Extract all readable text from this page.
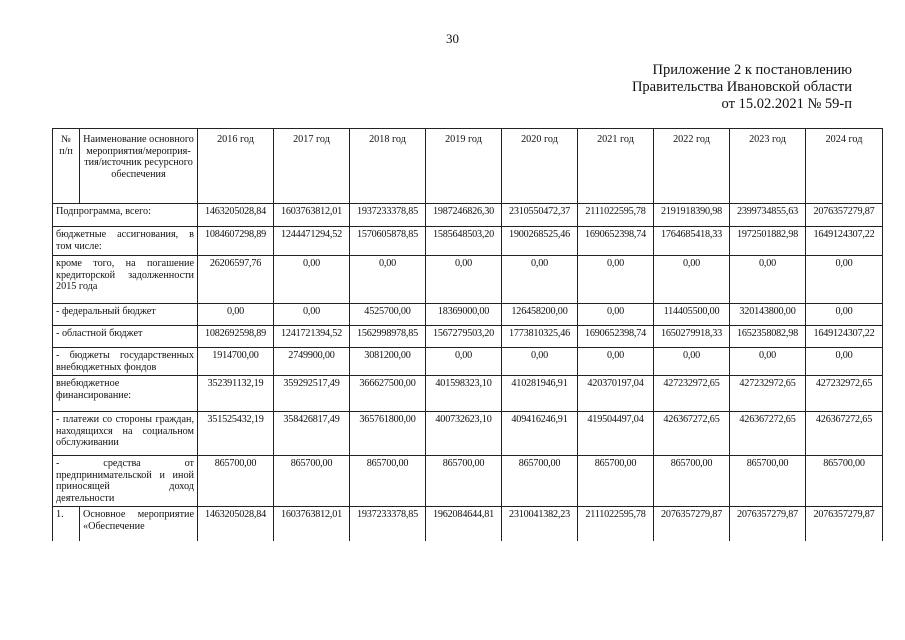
30
Приложение 2 к постановлению
Правительства Ивановской области
от 15.02.2021 № 59-п
№ п/п	Наименование основного мероприятия/мероприя-тия/источник ресурсного обеспечения	2016 год	2017 год	2018 год	2019 год	2020 год	2021 год	2022 год	2023 год	2024 год
Подпрограмма, всего:		1463205028,84	1603763812,01	1937233378,85	1987246826,30	2310550472,37	2111022595,78	2191918390,98	2399734855,63	2076357279,87
бюджетные ассигнования, в том числе:		1084607298,89	1244471294,52	1570605878,85	1585648503,20	1900268525,46	1690652398,74	1764685418,33	1972501882,98	1649124307,22
кроме того, на погашение кредиторской задолженности 2015 года		26206597,76	0,00	0,00	0,00	0,00	0,00	0,00	0,00	0,00
- федеральный бюджет		0,00	0,00	4525700,00	18369000,00	126458200,00	0,00	114405500,00	320143800,00	0,00
- областной бюджет		1082692598,89	1241721394,52	1562998978,85	1567279503,20	1773810325,46	1690652398,74	1650279918,33	1652358082,98	1649124307,22
- бюджеты государственных внебюджетных фондов		1914700,00	2749900,00	3081200,00	0,00	0,00	0,00	0,00	0,00	0,00
внебюджетное финансирование:		352391132,19	359292517,49	366627500,00	401598323,10	410281946,91	420370197,04	427232972,65	427232972,65	427232972,65
- платежи со стороны граждан, находящихся на социальном обслуживании		351525432,19	358426817,49	365761800,00	400732623,10	409416246,91	419504497,04	426367272,65	426367272,65	426367272,65
- средства от предпринимательской и иной приносящей доход деятельности		865700,00	865700,00	865700,00	865700,00	865700,00	865700,00	865700,00	865700,00	865700,00
1.	Основное мероприятие «Обеспечение	1463205028,84	1603763812,01	1937233378,85	1962084644,81	2310041382,23	2111022595,78	2076357279,87	2076357279,87	2076357279,87
